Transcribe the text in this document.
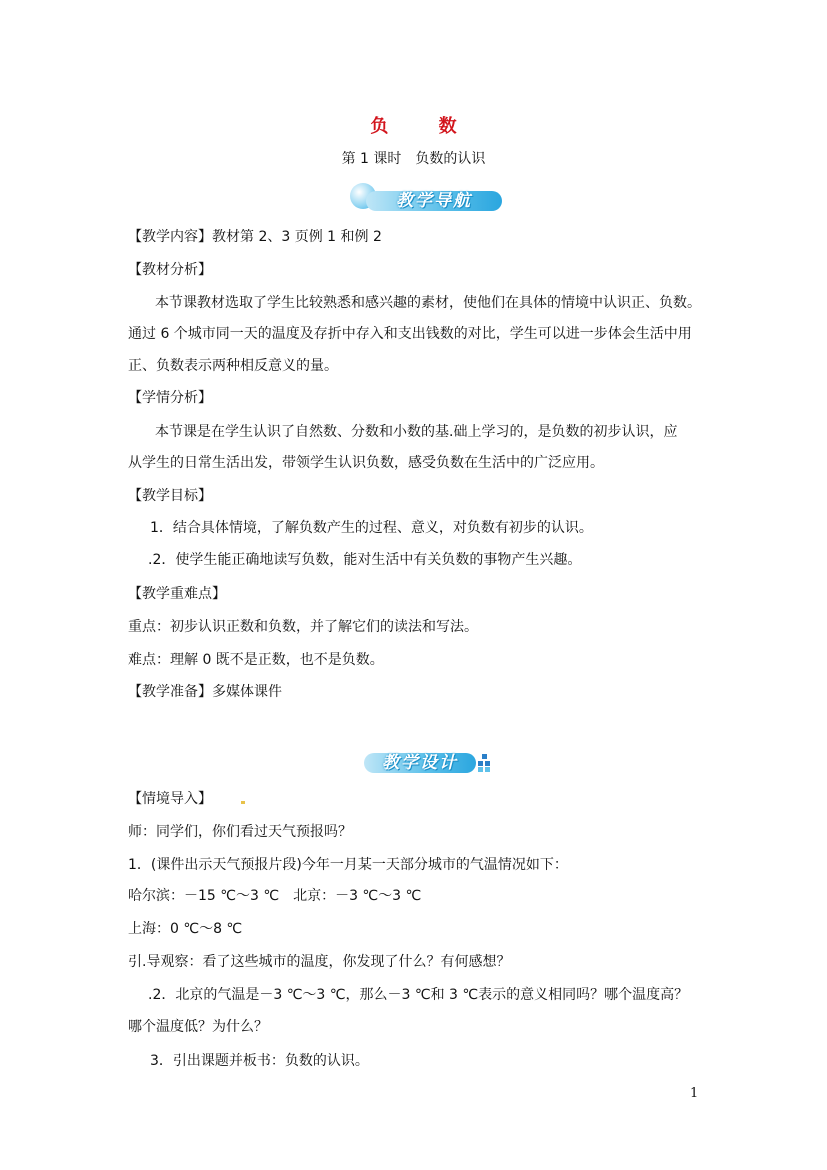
负 数
第 1 课时　负数的认识
教学导航
【教学内容】教材第 2、3 页例 1 和例 2
【教材分析】
本节课教材选取了学生比较熟悉和感兴趣的素材，使他们在具体的情境中认识正、负数。
通过 6 个城市同一天的温度及存折中存入和支出钱数的对比，学生可以进一步体会生活中用
正、负数表示两种相反意义的量。
【学情分析】
本节课是在学生认识了自然数、分数和小数的基.础上学习的，是负数的初步认识，应
从学生的日常生活出发，带领学生认识负数，感受负数在生活中的广泛应用。
【教学目标】
1．结合具体情境，了解负数产生的过程、意义，对负数有初步的认识。
.2．使学生能正确地读写负数，能对生活中有关负数的事物产生兴趣。
【教学重难点】
重点：初步认识正数和负数，并了解它们的读法和写法。
难点：理解 0 既不是正数，也不是负数。
【教学准备】多媒体课件
教学设计
【情境导入】
师：同学们，你们看过天气预报吗？
1．(课件出示天气预报片段)今年一月某一天部分城市的气温情况如下：
哈尔滨：－15 ℃～3 ℃　北京：－3 ℃～3 ℃
上海：0 ℃～8 ℃
引.导观察：看了这些城市的温度，你发现了什么？有何感想？
.2．北京的气温是－3 ℃～3 ℃，那么－3 ℃和 3 ℃表示的意义相同吗？哪个温度高？
哪个温度低？为什么？
3．引出课题并板书：负数的认识。
1
